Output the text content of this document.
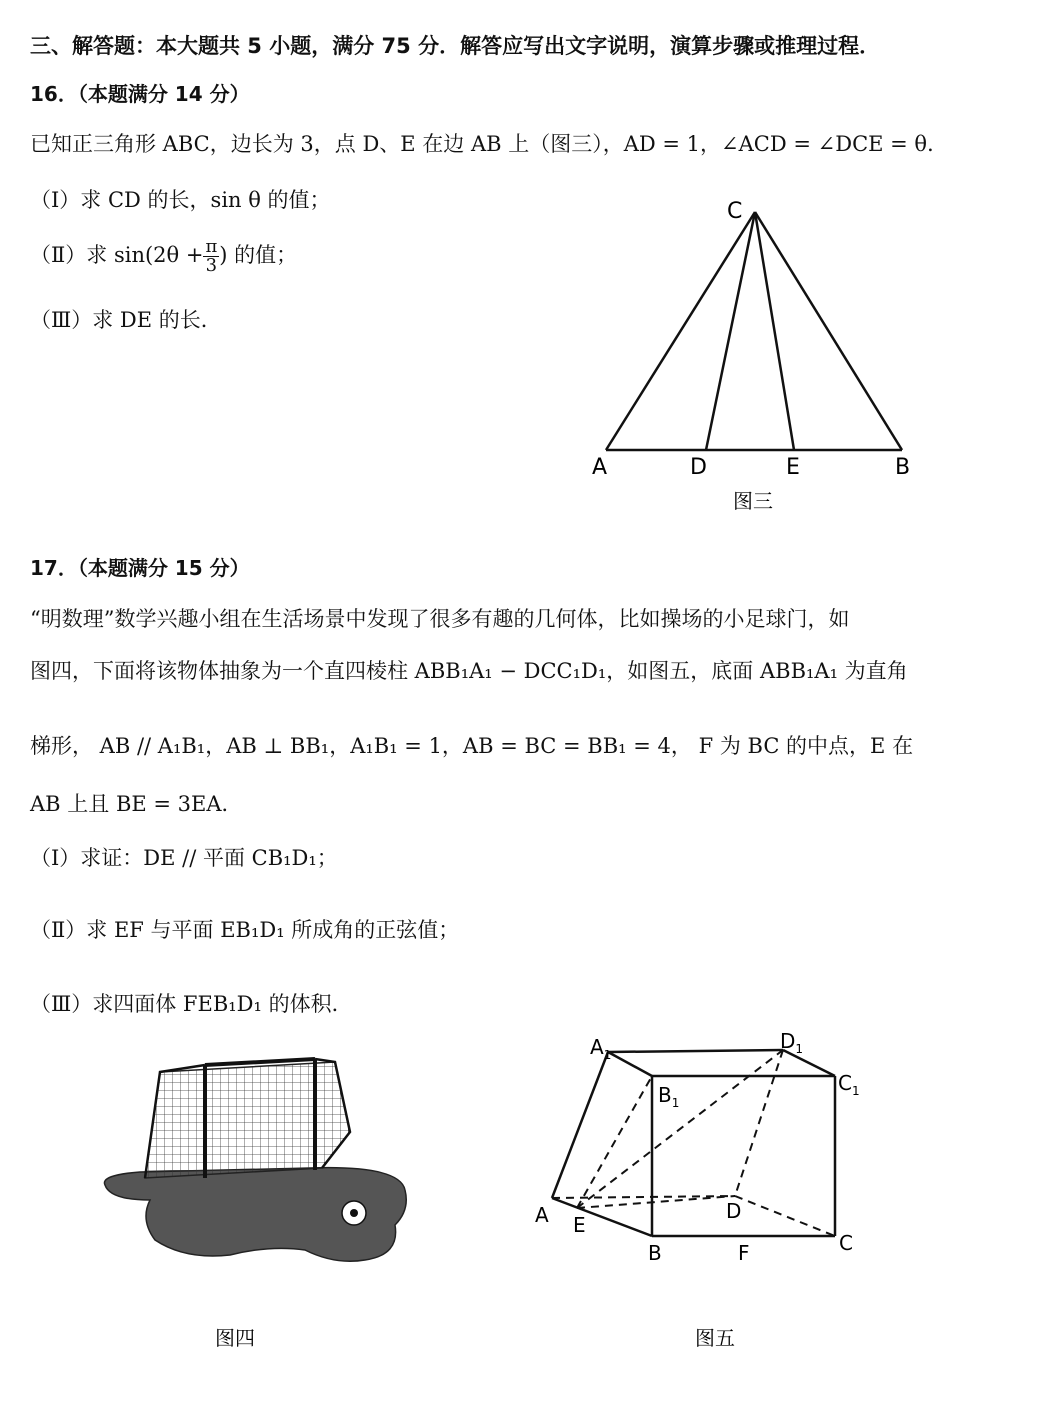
三、解答题：本大题共 5 小题，满分 75 分．解答应写出文字说明，演算步骤或推理过程．
16．（本题满分 14 分）
已知正三角形 ABC，边长为 3，点 D、E 在边 AB 上（图三），AD = 1，∠ACD = ∠DCE = θ．
（Ⅰ）求 CD 的长，sin θ 的值；
（Ⅱ）求 $\sin(2\theta + \frac{\pi}{3}$ ) 的值；
（Ⅲ）求 DE 的长．
C
A	D	E	B
图三
17．（本题满分 15 分）
“明数理”数学兴趣小组在生活场景中发现了很多有趣的几何体，比如操场的小足球门，如
图四，下面将该物体抽象为一个直四棱柱 ABB₁A₁ − DCC₁D₁，如图五，底面 ABB₁A₁ 为直角
梯形， AB // A₁B₁，AB ⊥ BB₁，A₁B₁ = 1，AB = BC = BB₁ = 4， F 为 BC 的中点，E 在
AB 上且 BE = 3EA．
（Ⅰ）求证：DE // 平面 CB₁D₁；
（Ⅱ）求 EF 与平面 EB₁D₁ 所成角的正弦值；
（Ⅲ）求四面体 FEB₁D₁ 的体积．
图四
$A_1$
$D_1$
$B_1$
$C_1$
A E
D
B	F	C
图五
